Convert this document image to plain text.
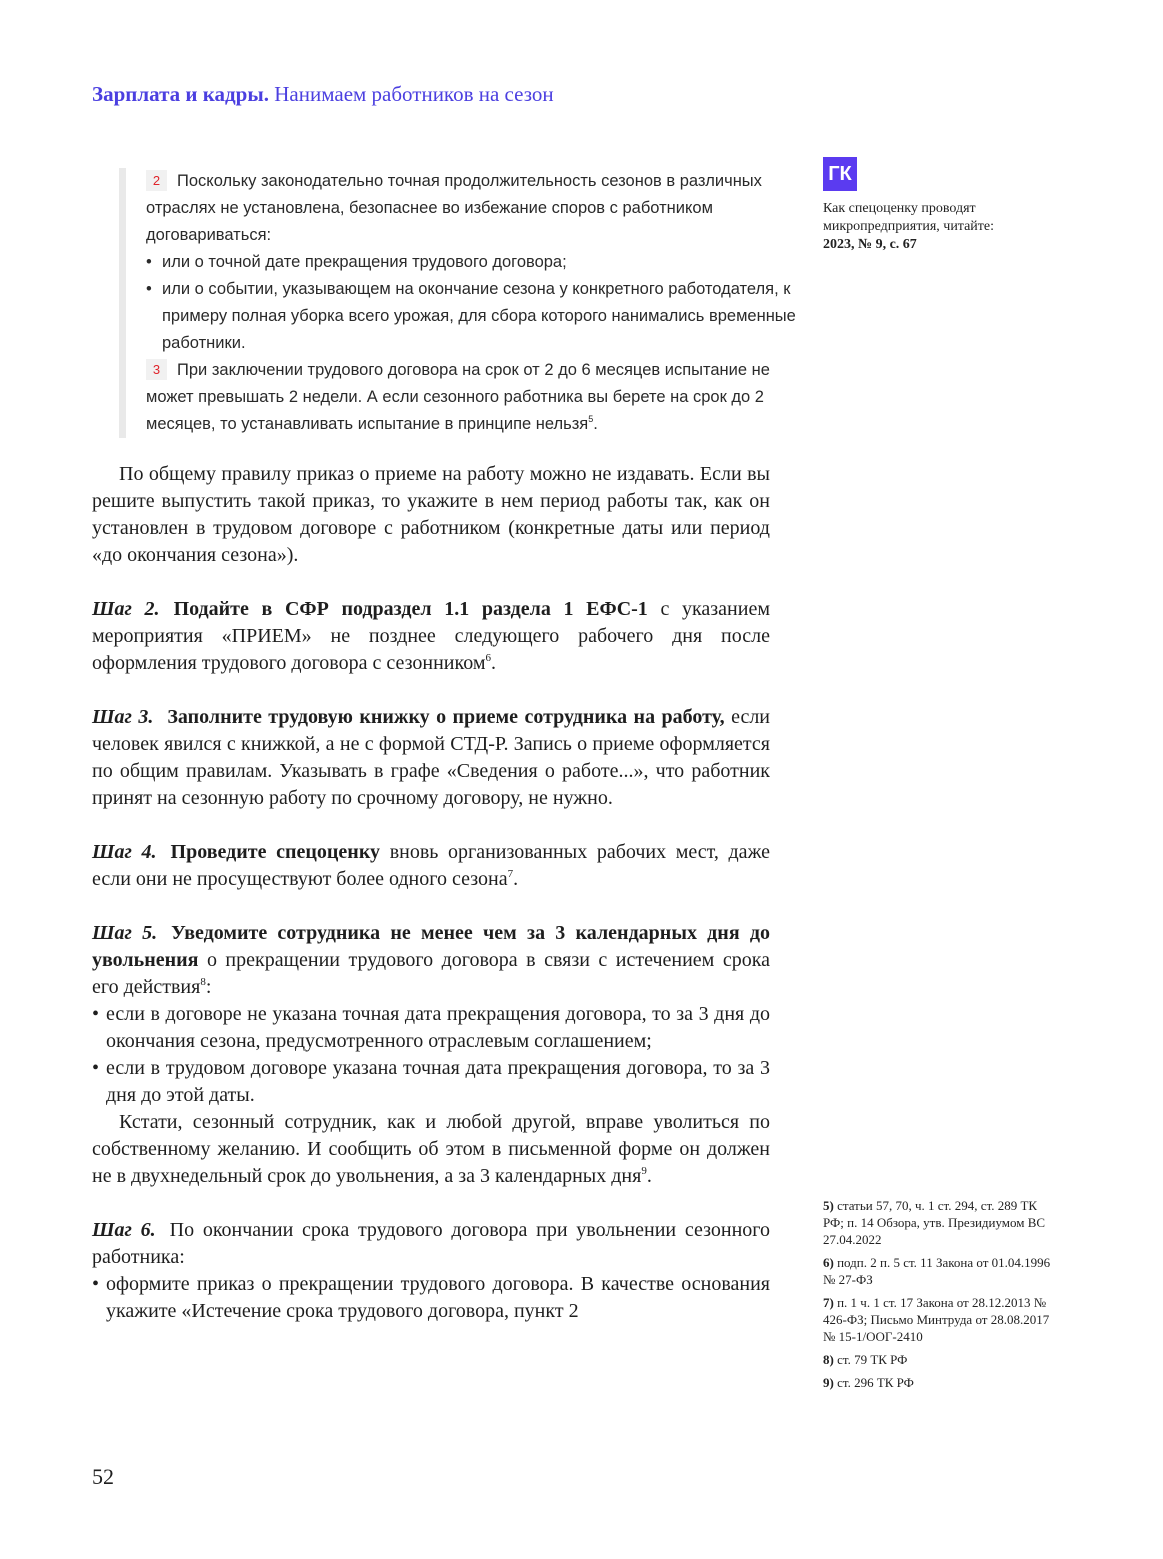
Зарплата и кадры. Нанимаем работников на сезон

2 Поскольку законодательно точная продолжительность сезонов в различных отраслях не установлена, безопаснее во избежание споров с работником договариваться:

• или о точной дате прекращения трудового договора;
• или о событии, указывающем на окончание сезона у конкретного работодателя, к примеру полная уборка всего урожая, для сбора которого нанимались временные работники.

3 При заключении трудового договора на срок от 2 до 6 месяцев испытание не может превышать 2 недели. А если сезонного работника вы берете на срок до 2 месяцев, то устанавливать испытание в принципе нельзя$^5$.

По общему правилу приказ о приеме на работу можно не издавать. Если вы решите выпустить такой приказ, то укажите в нем период работы так, как он установлен в трудовом договоре с работником (конкретные даты или период «до окончания сезона»).

Шаг 2. Подайте в СФР подраздел 1.1 раздела 1 ЕФС-1 с указанием мероприятия «ПРИЕМ» не позднее следующего рабочего дня после оформления трудового договора с сезонником$^6$.

Шаг 3. Заполните трудовую книжку о приеме сотрудника на работу, если человек явился с книжкой, а не с формой СТД-Р. Запись о приеме оформляется по общим правилам. Указывать в графе «Сведения о работе...», что работник принят на сезонную работу по срочному договору, не нужно.

Шаг 4. Проведите спецоценку вновь организованных рабочих мест, даже если они не просуществуют более одного сезона$^7$.

Шаг 5. Уведомите сотрудника не менее чем за 3 календарных дня до увольнения о прекращении трудового договора в связи с истечением срока его действия$^8$:

• если в договоре не указана точная дата прекращения договора, то за 3 дня до окончания сезона, предусмотренного отраслевым соглашением;
• если в трудовом договоре указана точная дата прекращения договора, то за 3 дня до этой даты.

Кстати, сезонный сотрудник, как и любой другой, вправе уволиться по собственному желанию. И сообщить об этом в письменной форме он должен не в двухнедельный срок до увольнения, а за 3 календарных дня$^9$.

Шаг 6. По окончании срока трудового договора при увольнении сезонного работника:

• оформите приказ о прекращении трудового договора. В качестве основания укажите «Истечение срока трудового договора, пункт 2
ГК

Как спецоценку проводят микропредприятия, читайте:

2023, № 9, с. 67

5) статьи 57, 70, ч. 1 ст. 294, ст. 289 ТК РФ; п. 14 Обзора, утв. Президиумом ВС 27.04.2022

6) подп. 2 п. 5 ст. 11 Закона от 01.04.1996 № 27-ФЗ

7) п. 1 ч. 1 ст. 17 Закона от 28.12.2013 № 426-ФЗ; Письмо Минтруда от 28.08.2017 № 15-1/ООГ-2410

8) ст. 79 ТК РФ

9) ст. 296 ТК РФ

52
